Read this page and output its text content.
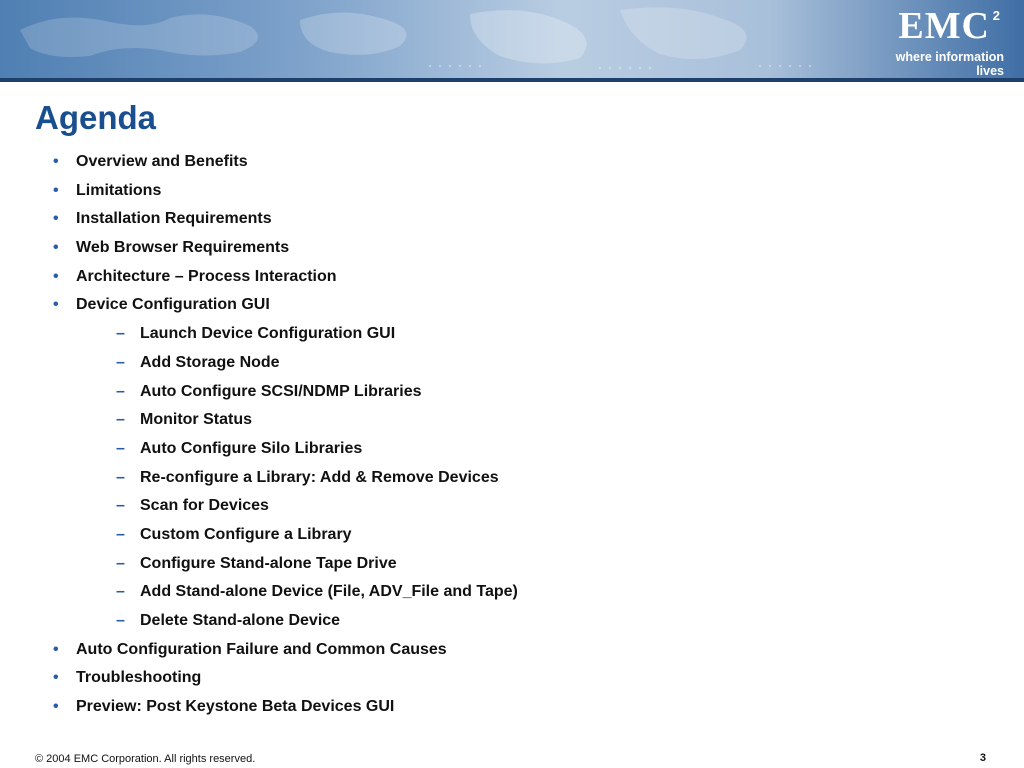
EMC 2
where information lives
Agenda
• Overview and Benefits
• Limitations
• Installation Requirements
• Web Browser Requirements
• Architecture – Process Interaction
• Device Configuration GUI
– Launch Device Configuration GUI
– Add Storage Node
– Auto Configure SCSI/NDMP Libraries
– Monitor Status
– Auto Configure Silo Libraries
– Re-configure a Library: Add & Remove Devices
– Scan for Devices
– Custom Configure a Library
– Configure Stand-alone Tape Drive
– Add Stand-alone Device (File, ADV_File and Tape)
– Delete Stand-alone Device
• Auto Configuration Failure and Common Causes
• Troubleshooting
• Preview: Post Keystone Beta Devices GUI
© 2004 EMC Corporation. All rights reserved.	3
